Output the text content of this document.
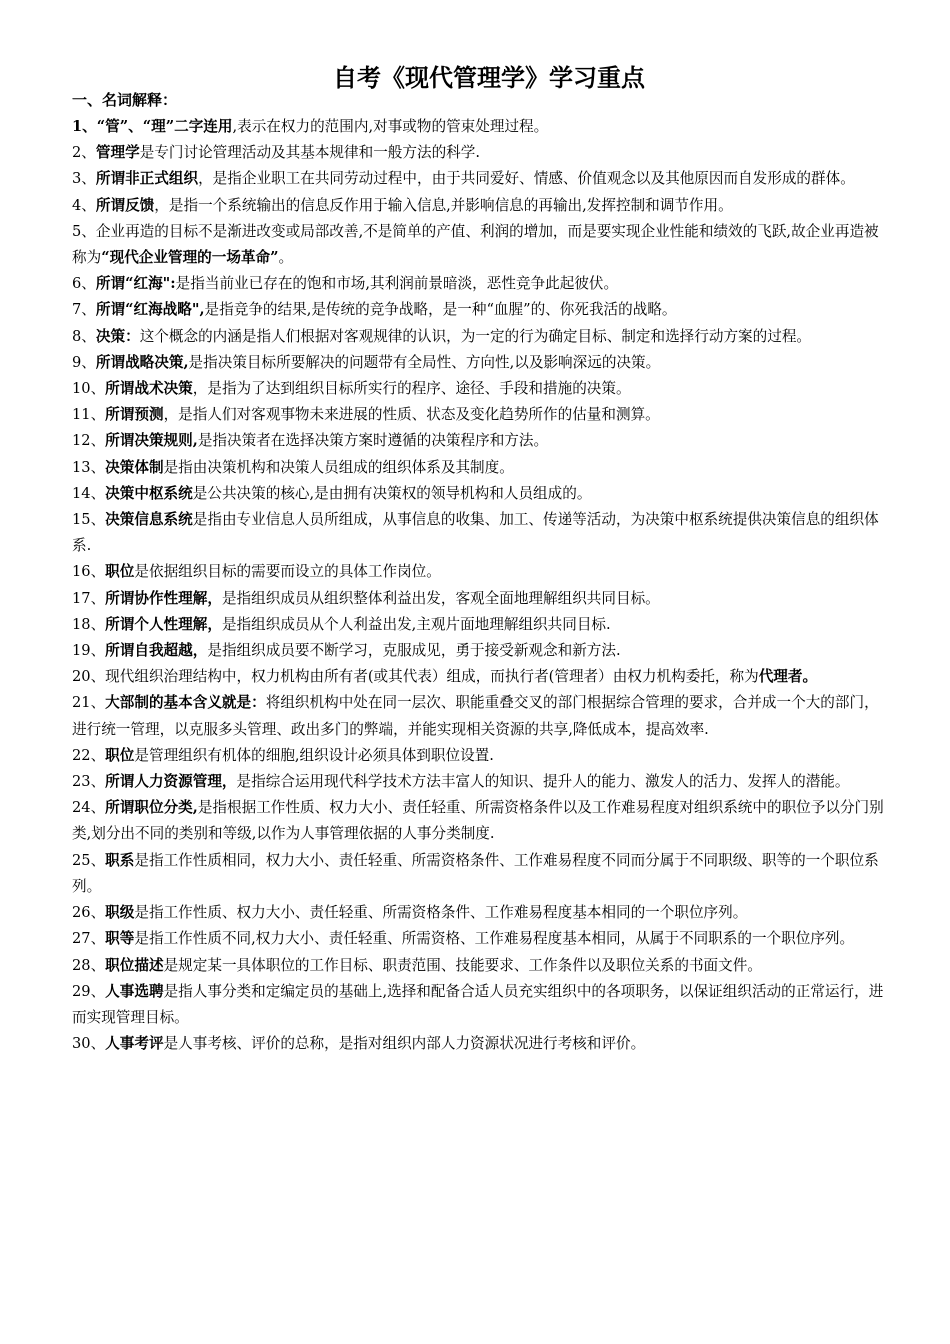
自考《现代管理学》学习重点
一、名词解释：

1、“管”、“理”二字连用,表示在权力的范围内,对事或物的管束处理过程。

2、管理学是专门讨论管理活动及其基本规律和一般方法的科学.

3、所谓非正式组织，是指企业职工在共同劳动过程中，由于共同爱好、情感、价值观念以及其他原因而自发形成的群体。

4、所谓反馈，是指一个系统输出的信息反作用于输入信息,并影响信息的再输出,发挥控制和调节作用。

5、企业再造的目标不是渐进改变或局部改善,不是简单的产值、利润的增加，而是要实现企业性能和绩效的飞跃,故企业再造被称为“现代企业管理的一场革命”。

6、所谓“红海":是指当前业已存在的饱和市场,其利润前景暗淡，恶性竞争此起彼伏。

7、所谓“红海战略",是指竞争的结果,是传统的竞争战略，是一种“血腥”的、你死我活的战略。

8、决策：这个概念的内涵是指人们根据对客观规律的认识，为一定的行为确定目标、制定和选择行动方案的过程。

9、所谓战略决策,是指决策目标所要解决的问题带有全局性、方向性,以及影响深远的决策。

10、所谓战术决策，是指为了达到组织目标所实行的程序、途径、手段和措施的决策。

11、所谓预测，是指人们对客观事物未来进展的性质、状态及变化趋势所作的估量和测算。

12、所谓决策规则,是指决策者在选择决策方案时遵循的决策程序和方法。

13、决策体制是指由决策机构和决策人员组成的组织体系及其制度。

14、决策中枢系统是公共决策的核心,是由拥有决策权的领导机构和人员组成的。

15、决策信息系统是指由专业信息人员所组成，从事信息的收集、加工、传递等活动，为决策中枢系统提供决策信息的组织体系.

16、职位是依据组织目标的需要而设立的具体工作岗位。

17、所谓协作性理解，是指组织成员从组织整体利益出发，客观全面地理解组织共同目标。

18、所谓个人性理解，是指组织成员从个人利益出发,主观片面地理解组织共同目标.

19、所谓自我超越，是指组织成员要不断学习，克服成见，勇于接受新观念和新方法.

20、现代组织治理结构中，权力机构由所有者(或其代表）组成，而执行者(管理者）由权力机构委托，称为代理者。

21、大部制的基本含义就是：将组织机构中处在同一层次、职能重叠交叉的部门根据综合管理的要求，合并成一个大的部门，进行统一管理，以克服多头管理、政出多门的弊端，并能实现相关资源的共享,降低成本，提高效率.

22、职位是管理组织有机体的细胞,组织设计必须具体到职位设置.

23、所谓人力资源管理，是指综合运用现代科学技术方法丰富人的知识、提升人的能力、激发人的活力、发挥人的潜能。

24、所谓职位分类,是指根据工作性质、权力大小、责任轻重、所需资格条件以及工作难易程度对组织系统中的职位予以分门别类,划分出不同的类别和等级,以作为人事管理依据的人事分类制度.

25、职系是指工作性质相同，权力大小、责任轻重、所需资格条件、工作难易程度不同而分属于不同职级、职等的一个职位系列。

26、职级是指工作性质、权力大小、责任轻重、所需资格条件、工作难易程度基本相同的一个职位序列。

27、职等是指工作性质不同,权力大小、责任轻重、所需资格、工作难易程度基本相同，从属于不同职系的一个职位序列。

28、职位描述是规定某一具体职位的工作目标、职责范围、技能要求、工作条件以及职位关系的书面文件。

29、人事选聘是指人事分类和定编定员的基础上,选择和配备合适人员充实组织中的各项职务，以保证组织活动的正常运行，进而实现管理目标。

30、人事考评是人事考核、评价的总称，是指对组织内部人力资源状况进行考核和评价。
